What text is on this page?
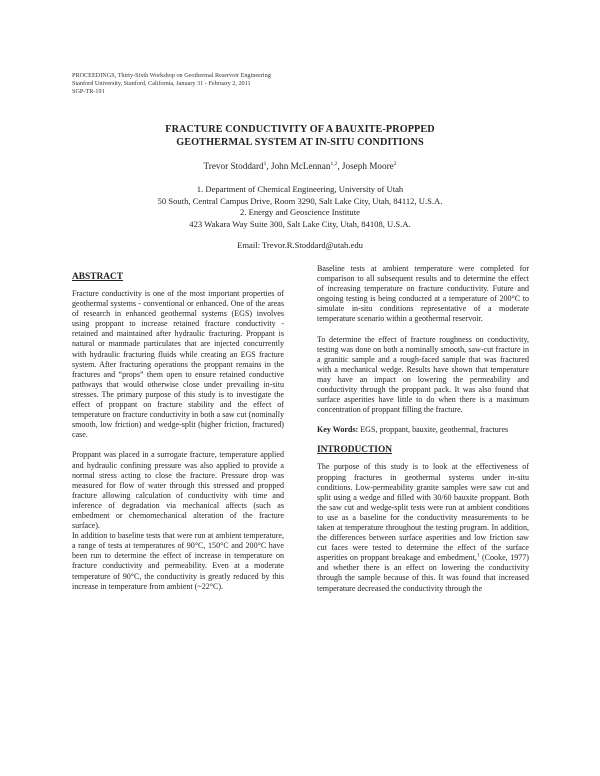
PROCEEDINGS, Thirty-Sixth Workshop on Geothermal Reservoir Engineering
Stanford University, Stanford, California, January 31 - February 2, 2011
SGP-TR-191
FRACTURE CONDUCTIVITY OF A BAUXITE-PROPPED
GEOTHERMAL SYSTEM AT IN-SITU CONDITIONS
Trevor Stoddard$^1$, John McLennan$^{1,2}$, Joseph Moore$^2$
1. Department of Chemical Engineering, University of Utah
50 South, Central Campus Drive, Room 3290, Salt Lake City, Utah, 84112, U.S.A.
2. Energy and Geoscience Institute
423 Wakara Way Suite 300, Salt Lake City, Utah, 84108, U.S.A.
Email: Trevor.R.Stoddard@utah.edu
ABSTRACT

Fracture conductivity is one of the most important properties of geothermal systems - conventional or enhanced. One of the areas of research in enhanced geothermal systems (EGS) involves using proppant to increase retained fracture conductivity - retained and maintained after hydraulic fracturing. Proppant is natural or manmade particulates that are injected concurrently with hydraulic fracturing fluids while creating an EGS fracture system. After fracturing operations the proppant remains in the fractures and “props” them open to ensure retained conductive pathways that would otherwise close under prevailing in-situ stresses. The primary purpose of this study is to investigate the effect of proppant on fracture stability and the effect of temperature on fracture conductivity in both a saw cut (nominally smooth, low friction) and wedge-split (higher friction, fractured) case.

Proppant was placed in a surrogate fracture, temperature applied and hydraulic confining pressure was also applied to provide a normal stress acting to close the fracture. Pressure drop was measured for flow of water through this stressed and propped fracture allowing calculation of conductivity with time and inference of degradation via mechanical affects (such as embedment or chemomechanical alteration of the fracture surface).

In addition to baseline tests that were run at ambient temperature, a range of tests at temperatures of 90°C, 150°C and 200°C have been run to determine the effect of increase in temperature on fracture conductivity and permeability. Even at a moderate temperature of 90°C, the conductivity is greatly reduced by this increase in temperature from ambient (~22°C).

Baseline tests at ambient temperature were completed for comparison to all subsequent results and to determine the effect of increasing temperature on fracture conductivity. Future and ongoing testing is being conducted at a temperature of 200°C to simulate in-situ conditions representative of a moderate temperature scenario within a geothermal reservoir.

To determine the effect of fracture roughness on conductivity, testing was done on both a nominally smooth, saw-cut fracture in a granitic sample and a rough-faced sample that was fractured with a mechanical wedge. Results have shown that temperature may have an impact on lowering the permeability and conductivity through the proppant pack. It was also found that surface asperities have little to do when there is a maximum concentration of proppant filling the fracture.

Key Words: EGS, proppant, bauxite, geothermal, fractures

INTRODUCTION

The purpose of this study is to look at the effectiveness of propping fractures in geothermal systems under in-situ conditions. Low-permeability granite samples were saw cut and split using a wedge and filled with 30/60 bauxite proppant. Both the saw cut and wedge-split tests were run at ambient conditions to use as a baseline for the conductivity measurements to be taken at temperature throughout the testing program. In addition, the differences between surface asperities and low friction saw cut faces were tested to determine the effect of the surface asperities on proppant breakage and embedment,$^1$ (Cooke, 1977) and whether there is an effect on lowering the conductivity through the sample because of this. It was found that increased temperature decreased the conductivity through the
